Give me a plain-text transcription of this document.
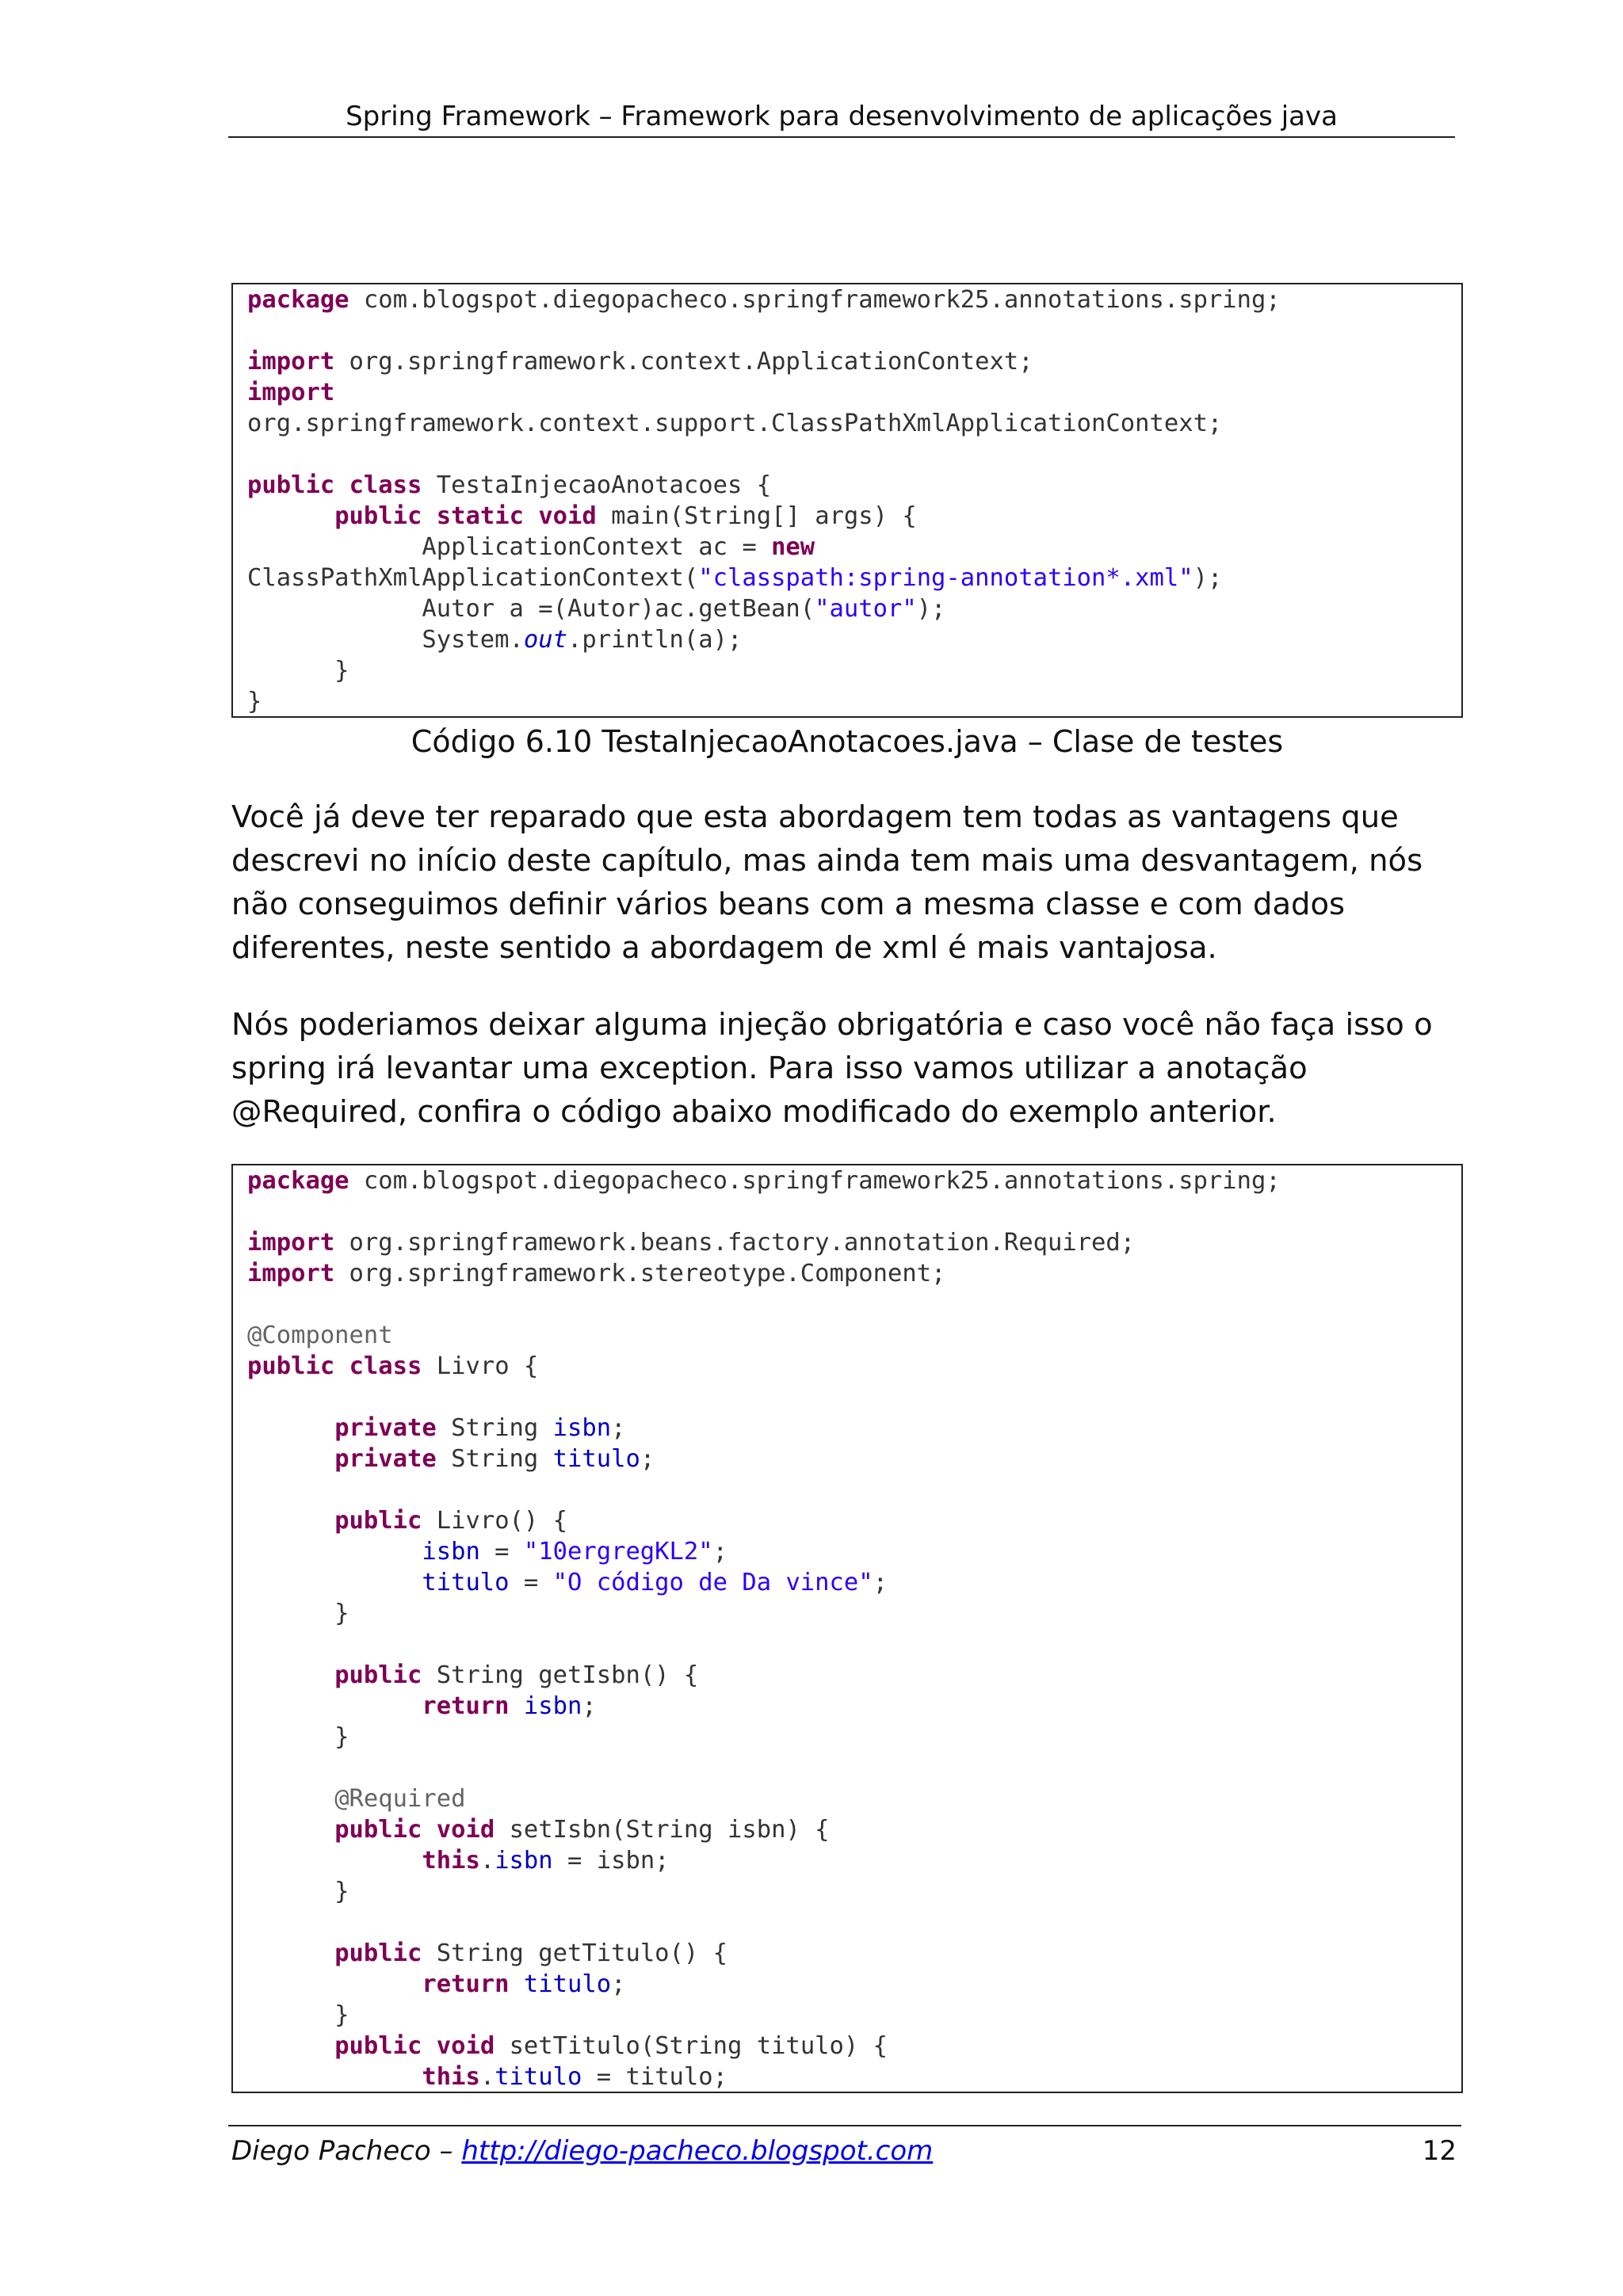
Spring Framework – Framework para desenvolvimento de aplicações java
package com.blogspot.diegopacheco.springframework25.annotations.spring;
import org.springframework.context.ApplicationContext;
import
org.springframework.context.support.ClassPathXmlApplicationContext;
public class TestaInjecaoAnotacoes {
public static void main(String[] args) {
ApplicationContext ac = new
ClassPathXmlApplicationContext("classpath:spring-annotation*.xml");
Autor a =(Autor)ac.getBean("autor");
System.out.println(a);
}
}
Código 6.10 TestaInjecaoAnotacoes.java – Clase de testes
Você já deve ter reparado que esta abordagem tem todas as vantagens que descrevi no início deste capítulo, mas ainda tem mais uma desvantagem, nós não conseguimos definir vários beans com a mesma classe e com dados diferentes, neste sentido a abordagem de xml é mais vantajosa.
Nós poderiamos deixar alguma injeção obrigatória e caso você não faça isso o spring irá levantar uma exception. Para isso vamos utilizar a anotação @Required, confira o código abaixo modificado do exemplo anterior.
package com.blogspot.diegopacheco.springframework25.annotations.spring;
import org.springframework.beans.factory.annotation.Required;
import org.springframework.stereotype.Component;
@Component
public class Livro {
private String isbn;
private String titulo;
public Livro() {
isbn = "10ergregKL2";
titulo = "O código de Da vince";
}
public String getIsbn() {
return isbn;
}
@Required
public void setIsbn(String isbn) {
this.isbn = isbn;
}
public String getTitulo() {
return titulo;
}
public void setTitulo(String titulo) {
this.titulo = titulo;
Diego Pacheco – http://diego-pacheco.blogspot.com	12
